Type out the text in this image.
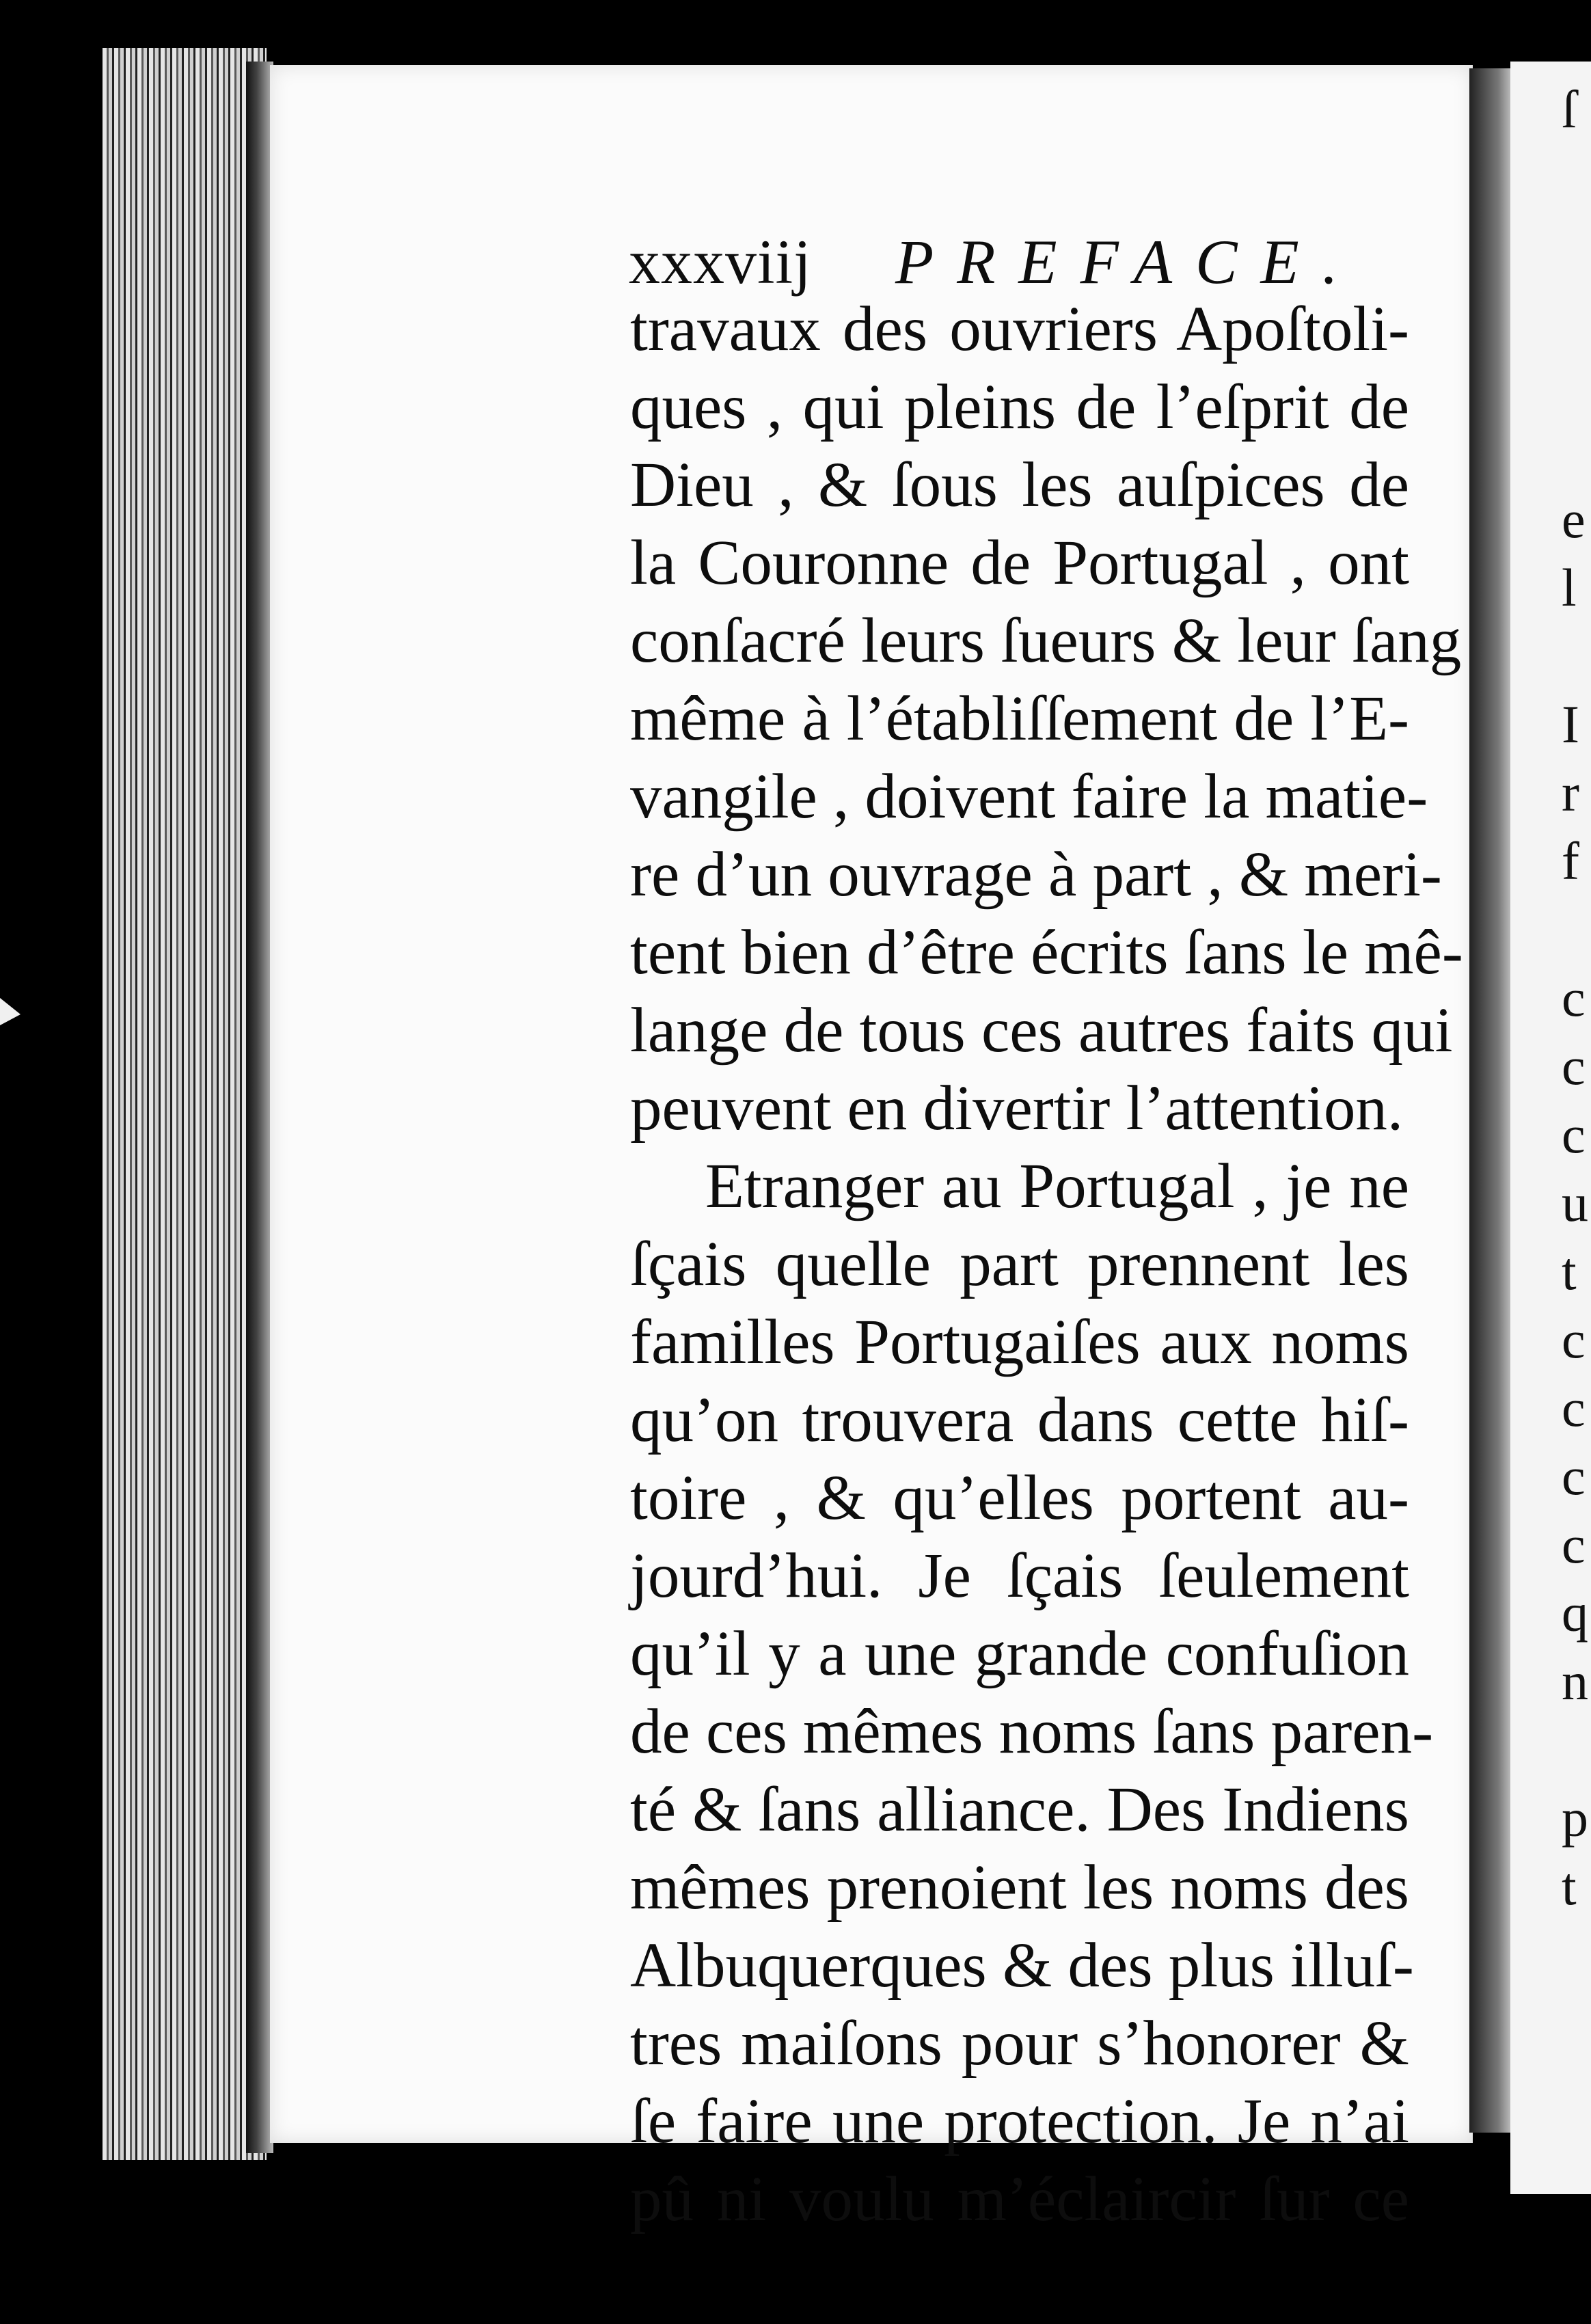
ſ

e
l

I
r
f

c
c
c
u
t
c
c
c
c
q
n

p
t
xxxviij PREFACE.
travaux des ouvriers Apoſtoli-
ques , qui pleins de l’eſprit de
Dieu , & ſous les auſpices de
la Couronne de Portugal , ont
conſacré leurs ſueurs & leur ſang
même à l’établiſſement de l’E-
vangile , doivent faire la matie-
re d’un ouvrage à part , & meri-
tent bien d’être écrits ſans le mê-
lange de tous ces autres faits qui
peuvent en divertir l’attention.
Etranger au Portugal , je ne
ſçais quelle part prennent les
familles Portugaiſes aux noms
qu’on trouvera dans cette hiſ-
toire , & qu’elles portent au-
jourd’hui. Je ſçais ſeulement
qu’il y a une grande confuſion
de ces mêmes noms ſans paren-
té & ſans alliance. Des Indiens
mêmes prenoient les noms des
Albuquerques & des plus illuſ-
tres maiſons pour s’honorer &
ſe faire une protection. Je n’ai
pû ni voulu m’éclaircir ſur ce
